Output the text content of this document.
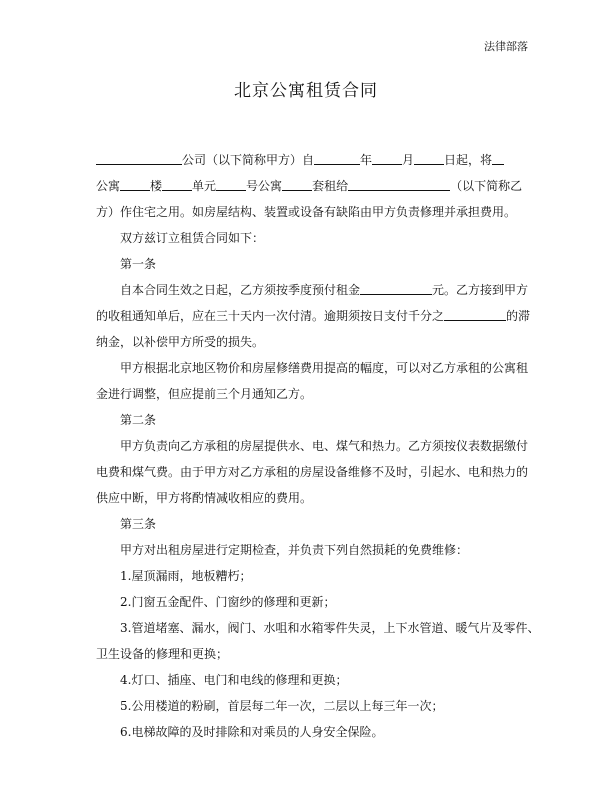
法律部落
北京公寓租赁合同
公司（以下简称甲方）自	年	月	日起，将
公寓	楼	单元	号公寓	套租给	（以下简称乙
方）作住宅之用。如房屋结构、装置或设备有缺陷由甲方负责修理并承担费用。
双方兹订立租赁合同如下：
第一条
自本合同生效之日起，乙方须按季度预付租金	元。乙方接到甲方
的收租通知单后，应在三十天内一次付清。逾期须按日支付千分之	的滞
纳金，以补偿甲方所受的损失。
甲方根据北京地区物价和房屋修缮费用提高的幅度，可以对乙方承租的公寓租
金进行调整，但应提前三个月通知乙方。
第二条
甲方负责向乙方承租的房屋提供水、电、煤气和热力。乙方须按仪表数据缴付
电费和煤气费。由于甲方对乙方承租的房屋设备维修不及时，引起水、电和热力的
供应中断，甲方将酌情减收相应的费用。
第三条
甲方对出租房屋进行定期检查，并负责下列自然损耗的免费维修：
1.屋顶漏雨，地板糟朽；
2.门窗五金配件、门窗纱的修理和更新；
3.管道堵塞、漏水，阀门、水咀和水箱零件失灵，上下水管道、暖气片及零件、
卫生设备的修理和更换；
4.灯口、插座、电门和电线的修理和更换；
5.公用楼道的粉刷，首层每二年一次，二层以上每三年一次；
6.电梯故障的及时排除和对乘员的人身安全保险。
